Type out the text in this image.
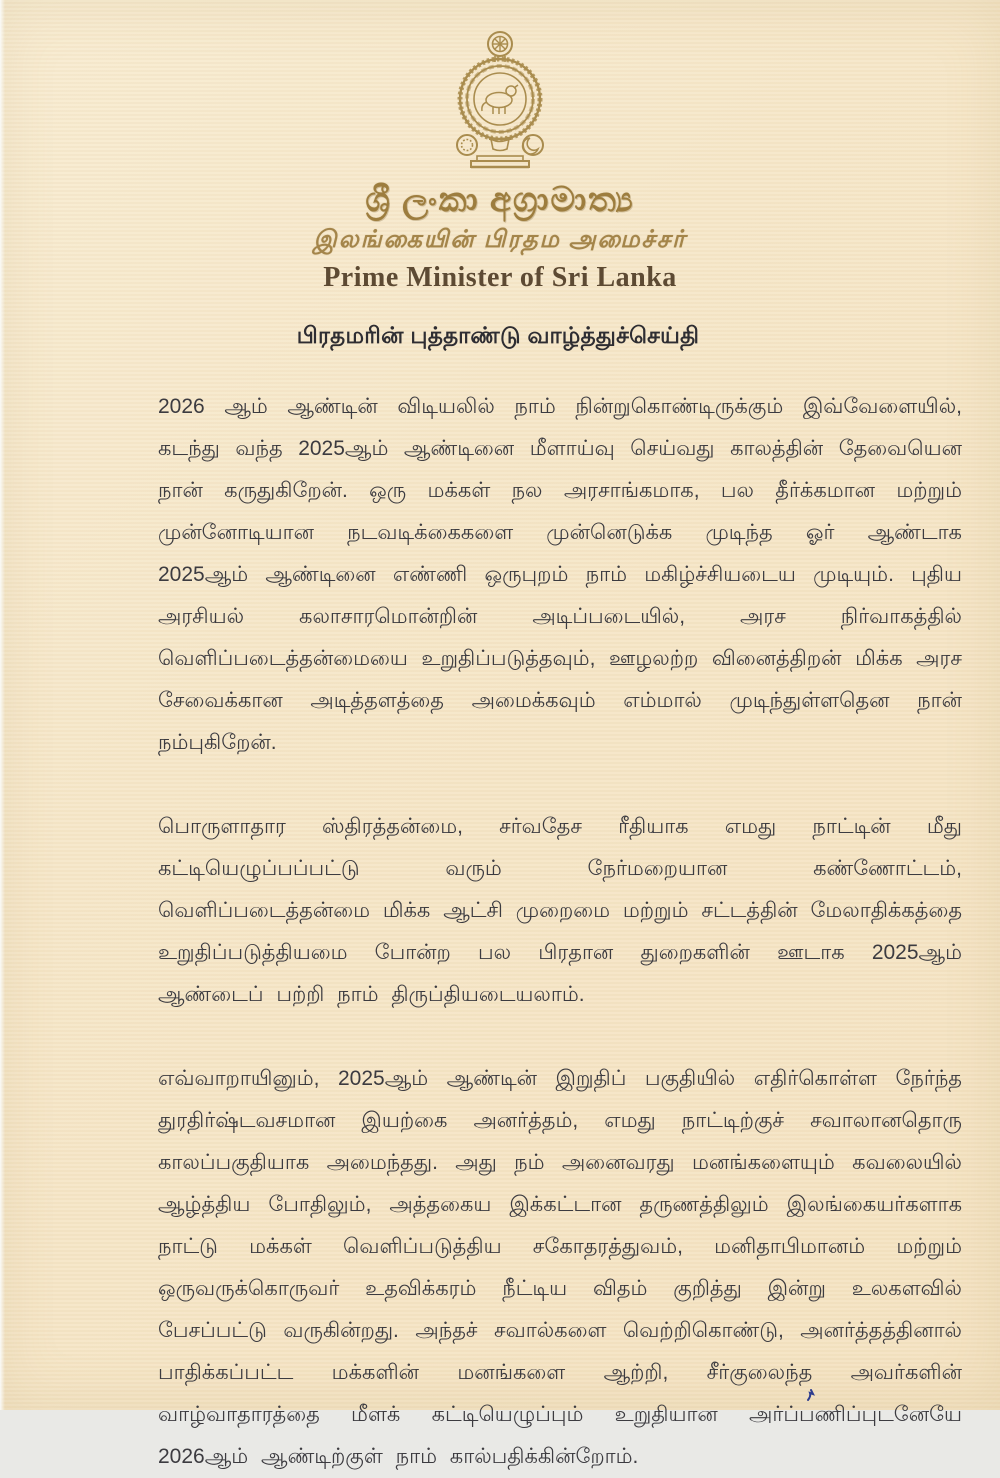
ශ්‍රී ලංකා අග්‍රාමාත්‍ය
இலங்கையின் பிரதம அமைச்சர்
Prime Minister of Sri Lanka
பிரதமரின் புத்தாண்டு வாழ்த்துச்செய்தி

2026 ஆம் ஆண்டின் விடியலில் நாம் நின்றுகொண்டிருக்கும் இவ்வேளையில், கடந்து வந்த 2025ஆம் ஆண்டினை மீளாய்வு செய்வது காலத்தின் தேவையென நான் கருதுகிறேன். ஒரு மக்கள் நல அரசாங்கமாக, பல தீர்க்கமான மற்றும் முன்னோடியான நடவடிக்கைகளை முன்னெடுக்க முடிந்த ஓர் ஆண்டாக 2025ஆம் ஆண்டினை எண்ணி ஒருபுறம் நாம் மகிழ்ச்சியடைய முடியும். புதிய அரசியல் கலாசாரமொன்றின் அடிப்படையில், அரச நிர்வாகத்தில் வெளிப்படைத்தன்மையை உறுதிப்படுத்தவும், ஊழலற்ற வினைத்திறன் மிக்க அரச சேவைக்கான அடித்தளத்தை அமைக்கவும் எம்மால் முடிந்துள்ளதென நான் நம்புகிறேன்.

பொருளாதார ஸ்திரத்தன்மை, சர்வதேச ரீதியாக எமது நாட்டின் மீது கட்டியெழுப்பப்பட்டு வரும் நேர்மறையான கண்ணோட்டம், வெளிப்படைத்தன்மை மிக்க ஆட்சி முறைமை மற்றும் சட்டத்தின் மேலாதிக்கத்தை உறுதிப்படுத்தியமை போன்ற பல பிரதான துறைகளின் ஊடாக 2025ஆம் ஆண்டைப் பற்றி நாம் திருப்தியடையலாம்.

எவ்வாறாயினும், 2025ஆம் ஆண்டின் இறுதிப் பகுதியில் எதிர்கொள்ள நேர்ந்த துரதிர்ஷ்டவசமான இயற்கை அனர்த்தம், எமது நாட்டிற்குச் சவாலானதொரு காலப்பகுதியாக அமைந்தது. அது நம் அனைவரது மனங்களையும் கவலையில் ஆழ்த்திய போதிலும், அத்தகைய இக்கட்டான தருணத்திலும் இலங்கையர்களாக நாட்டு மக்கள் வெளிப்படுத்திய சகோதரத்துவம், மனிதாபிமானம் மற்றும் ஒருவருக்கொருவர் உதவிக்கரம் நீட்டிய விதம் குறித்து இன்று உலகளவில் பேசப்பட்டு வருகின்றது. அந்தச் சவால்களை வெற்றிகொண்டு, அனர்த்தத்தினால் பாதிக்கப்பட்ட மக்களின் மனங்களை ஆற்றி, சீர்குலைந்த அவர்களின் வாழ்வாதாரத்தை மீளக் கட்டியெழுப்பும் உறுதியான அர்ப்பணிப்புடனேயே 2026ஆம் ஆண்டிற்குள் நாம் கால்பதிக்கின்றோம்.
